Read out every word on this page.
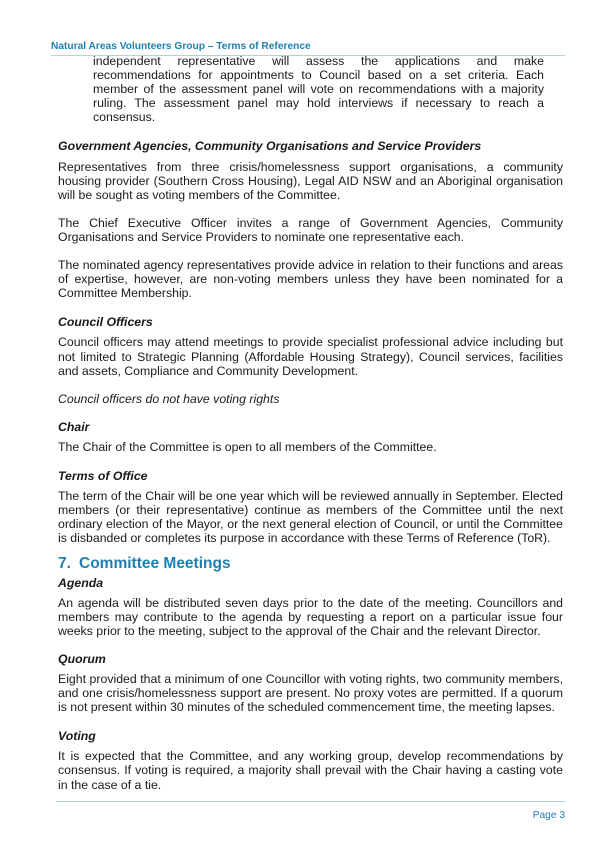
Natural Areas Volunteers Group – Terms of Reference

independent representative will assess the applications and make recommendations for appointments to Council based on a set criteria. Each member of the assessment panel will vote on recommendations with a majority ruling. The assessment panel may hold interviews if necessary to reach a consensus.

Government Agencies, Community Organisations and Service Providers

Representatives from three crisis/homelessness support organisations, a community housing provider (Southern Cross Housing), Legal AID NSW and an Aboriginal organisation will be sought as voting members of the Committee.

The Chief Executive Officer invites a range of Government Agencies, Community Organisations and Service Providers to nominate one representative each.

The nominated agency representatives provide advice in relation to their functions and areas of expertise, however, are non-voting members unless they have been nominated for a Committee Membership.

Council Officers

Council officers may attend meetings to provide specialist professional advice including but not limited to Strategic Planning (Affordable Housing Strategy), Council services, facilities and assets, Compliance and Community Development.

Council officers do not have voting rights

Chair

The Chair of the Committee is open to all members of the Committee.

Terms of Office

The term of the Chair will be one year which will be reviewed annually in September. Elected members (or their representative) continue as members of the Committee until the next ordinary election of the Mayor, or the next general election of Council, or until the Committee is disbanded or completes its purpose in accordance with these Terms of Reference (ToR).

7. Committee Meetings
Agenda

An agenda will be distributed seven days prior to the date of the meeting. Councillors and members may contribute to the agenda by requesting a report on a particular issue four weeks prior to the meeting, subject to the approval of the Chair and the relevant Director.

Quorum

Eight provided that a minimum of one Councillor with voting rights, two community members, and one crisis/homelessness support are present. No proxy votes are permitted. If a quorum is not present within 30 minutes of the scheduled commencement time, the meeting lapses.

Voting

It is expected that the Committee, and any working group, develop recommendations by consensus. If voting is required, a majority shall prevail with the Chair having a casting vote in the case of a tie.

Page 3
